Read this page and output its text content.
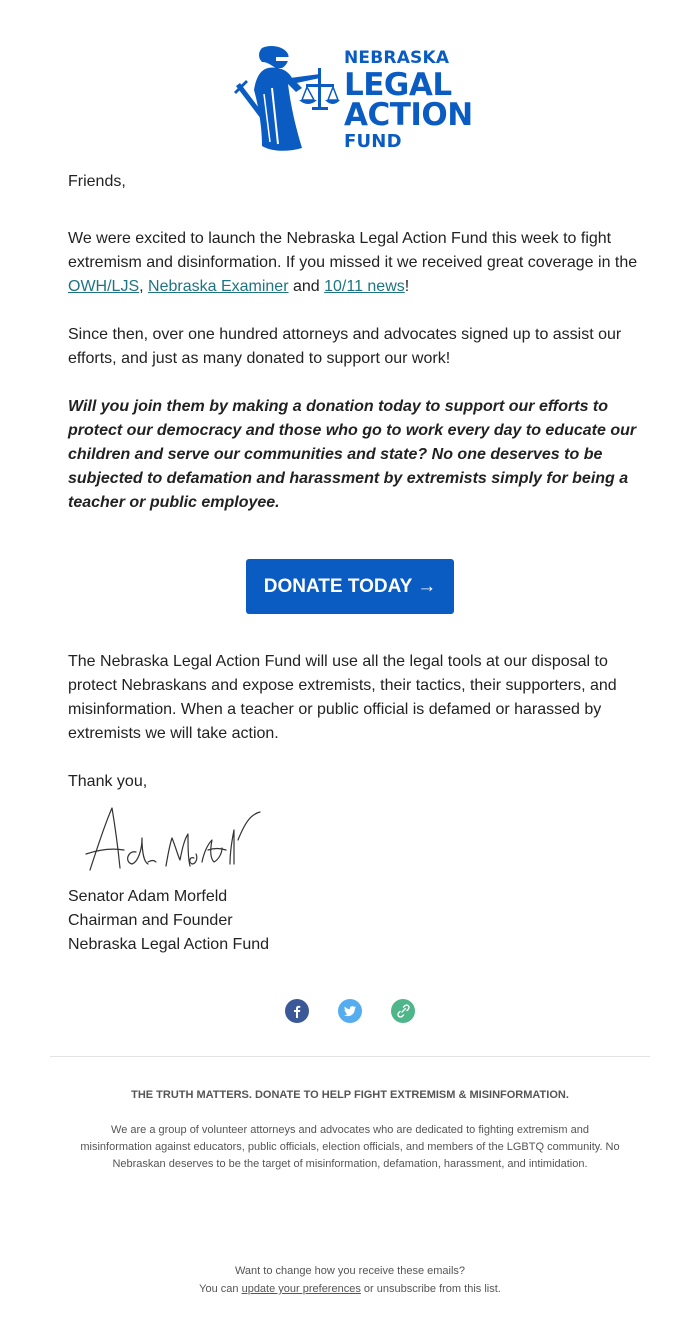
NEBRASKA
LEGAL
ACTION
FUND

Friends,

We were excited to launch the Nebraska Legal Action Fund this week to fight extremism and disinformation. If you missed it we received great coverage in the OWH/LJS, Nebraska Examiner and 10/11 news!

Since then, over one hundred attorneys and advocates signed up to assist our efforts, and just as many donated to support our work!

Will you join them by making a donation today to support our efforts to protect our democracy and those who go to work every day to educate our children and serve our communities and state? No one deserves to be subjected to defamation and harassment by extremists simply for being a teacher or public employee.

DONATE TODAY →

The Nebraska Legal Action Fund will use all the legal tools at our disposal to protect Nebraskans and expose extremists, their tactics, their supporters, and misinformation. When a teacher or public official is defamed or harassed by extremists we will take action.

Thank you,

Senator Adam Morfeld

Chairman and Founder

Nebraska Legal Action Fund

THE TRUTH MATTERS. DONATE TO HELP FIGHT EXTREMISM & MISINFORMATION.
We are a group of volunteer attorneys and advocates who are dedicated to fighting extremism and misinformation against educators, public officials, election officials, and members of the LGBTQ community. No Nebraskan deserves to be the target of misinformation, defamation, harassment, and intimidation.
Want to change how you receive these emails?
You can update your preferences or unsubscribe from this list.
